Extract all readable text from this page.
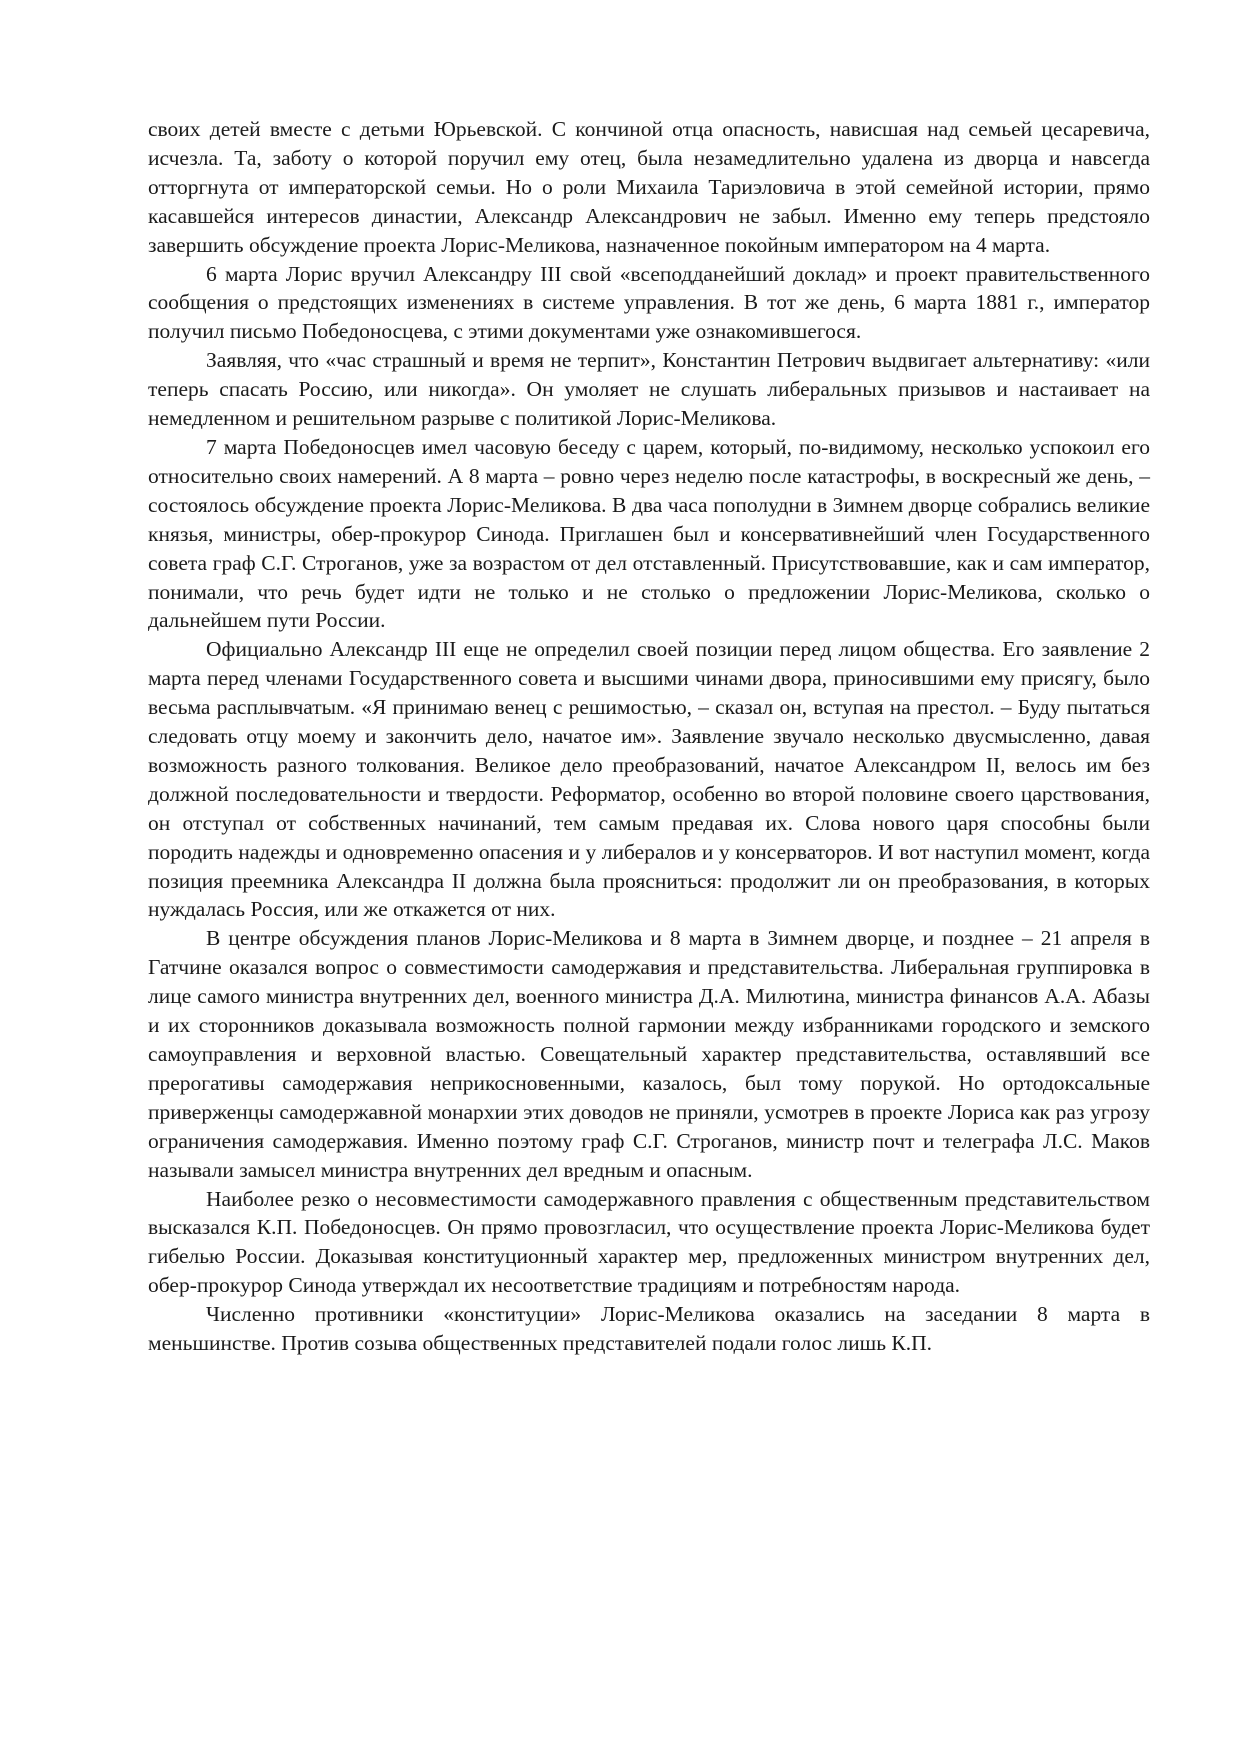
своих детей вместе с детьми Юрьевской. С кончиной отца опасность, нависшая над семьей цесаревича, исчезла. Та, заботу о которой поручил ему отец, была незамедлительно удалена из дворца и навсегда отторгнута от императорской семьи. Но о роли Михаила Тариэловича в этой семейной истории, прямо касавшейся интересов династии, Александр Александрович не забыл. Именно ему теперь предстояло завершить обсуждение проекта Лорис-Меликова, назначенное покойным императором на 4 марта.

6 марта Лорис вручил Александру III свой «всеподданейший доклад» и проект правительственного сообщения о предстоящих изменениях в системе управления. В тот же день, 6 марта 1881 г., император получил письмо Победоносцева, с этими документами уже ознакомившегося.

Заявляя, что «час страшный и время не терпит», Константин Петрович выдвигает альтернативу: «или теперь спасать Россию, или никогда». Он умоляет не слушать либеральных призывов и настаивает на немедленном и решительном разрыве с политикой Лорис-Меликова.

7 марта Победоносцев имел часовую беседу с царем, который, по-видимому, несколько успокоил его относительно своих намерений. А 8 марта – ровно через неделю после катастрофы, в воскресный же день, – состоялось обсуждение проекта Лорис-Меликова. В два часа пополудни в Зимнем дворце собрались великие князья, министры, обер-прокурор Синода. Приглашен был и консервативнейший член Государственного совета граф С.Г. Строганов, уже за возрастом от дел отставленный. Присутствовавшие, как и сам император, понимали, что речь будет идти не только и не столько о предложении Лорис-Меликова, сколько о дальнейшем пути России.

Официально Александр III еще не определил своей позиции перед лицом общества. Его заявление 2 марта перед членами Государственного совета и высшими чинами двора, приносившими ему присягу, было весьма расплывчатым. «Я принимаю венец с решимостью, – сказал он, вступая на престол. – Буду пытаться следовать отцу моему и закончить дело, начатое им». Заявление звучало несколько двусмысленно, давая возможность разного толкования. Великое дело преобразований, начатое Александром II, велось им без должной последовательности и твердости. Реформатор, особенно во второй половине своего царствования, он отступал от собственных начинаний, тем самым предавая их. Слова нового царя способны были породить надежды и одновременно опасения и у либералов и у консерваторов. И вот наступил момент, когда позиция преемника Александра II должна была проясниться: продолжит ли он преобразования, в которых нуждалась Россия, или же откажется от них.

В центре обсуждения планов Лорис-Меликова и 8 марта в Зимнем дворце, и позднее – 21 апреля в Гатчине оказался вопрос о совместимости самодержавия и представительства. Либеральная группировка в лице самого министра внутренних дел, военного министра Д.А. Милютина, министра финансов А.А. Абазы и их сторонников доказывала возможность полной гармонии между избранниками городского и земского самоуправления и верховной властью. Совещательный характер представительства, оставлявший все прерогативы самодержавия неприкосновенными, казалось, был тому порукой. Но ортодоксальные приверженцы самодержавной монархии этих доводов не приняли, усмотрев в проекте Лориса как раз угрозу ограничения самодержавия. Именно поэтому граф С.Г. Строганов, министр почт и телеграфа Л.С. Маков называли замысел министра внутренних дел вредным и опасным.

Наиболее резко о несовместимости самодержавного правления с общественным представительством высказался К.П. Победоносцев. Он прямо провозгласил, что осуществление проекта Лорис-Меликова будет гибелью России. Доказывая конституционный характер мер, предложенных министром внутренних дел, обер-прокурор Синода утверждал их несоответствие традициям и потребностям народа.

Численно противники «конституции» Лорис-Меликова оказались на заседании 8 марта в меньшинстве. Против созыва общественных представителей подали голос лишь К.П.
